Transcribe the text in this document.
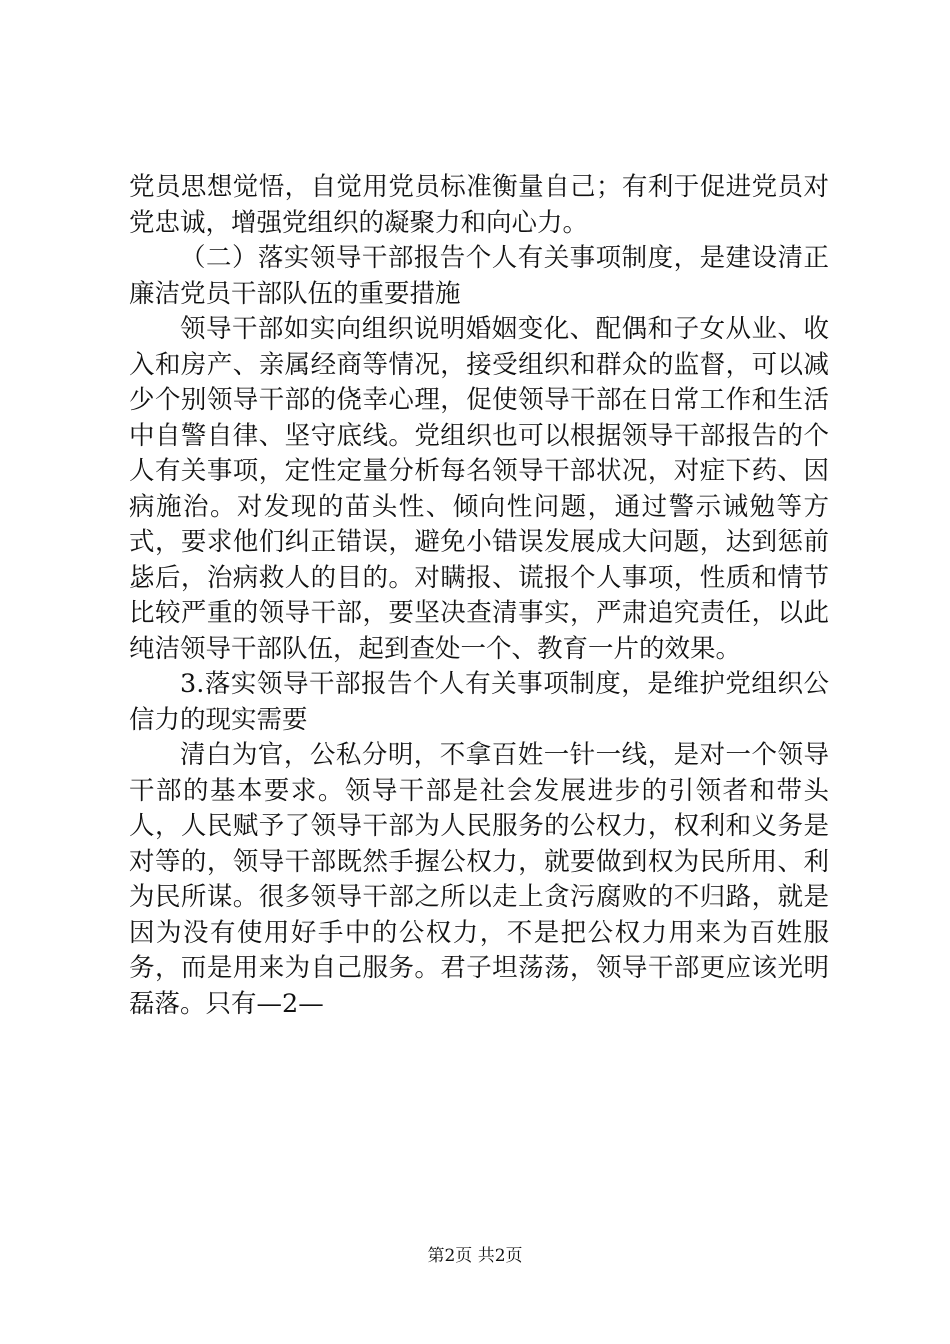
党员思想觉悟，自觉用党员标准衡量自己；有利于促进党员对党忠诚，增强党组织的凝聚力和向心力。

（二）落实领导干部报告个人有关事项制度，是建设清正廉洁党员干部队伍的重要措施

领导干部如实向组织说明婚姻变化、配偶和子女从业、收入和房产、亲属经商等情况，接受组织和群众的监督，可以减少个别领导干部的侥幸心理，促使领导干部在日常工作和生活中自警自律、坚守底线。党组织也可以根据领导干部报告的个人有关事项，定性定量分析每名领导干部状况，对症下药、因病施治。对发现的苗头性、倾向性问题，通过警示诫勉等方式，要求他们纠正错误，避免小错误发展成大问题，达到惩前毖后，治病救人的目的。对瞒报、谎报个人事项，性质和情节比较严重的领导干部，要坚决查清事实，严肃追究责任，以此纯洁领导干部队伍，起到查处一个、教育一片的效果。

3.落实领导干部报告个人有关事项制度，是维护党组织公信力的现实需要

清白为官，公私分明，不拿百姓一针一线，是对一个领导干部的基本要求。领导干部是社会发展进步的引领者和带头人，人民赋予了领导干部为人民服务的公权力，权利和义务是对等的，领导干部既然手握公权力，就要做到权为民所用、利为民所谋。很多领导干部之所以走上贪污腐败的不归路，就是因为没有使用好手中的公权力，不是把公权力用来为百姓服务，而是用来为自己服务。君子坦荡荡，领导干部更应该光明磊落。只有—2—

第2页 共2页
